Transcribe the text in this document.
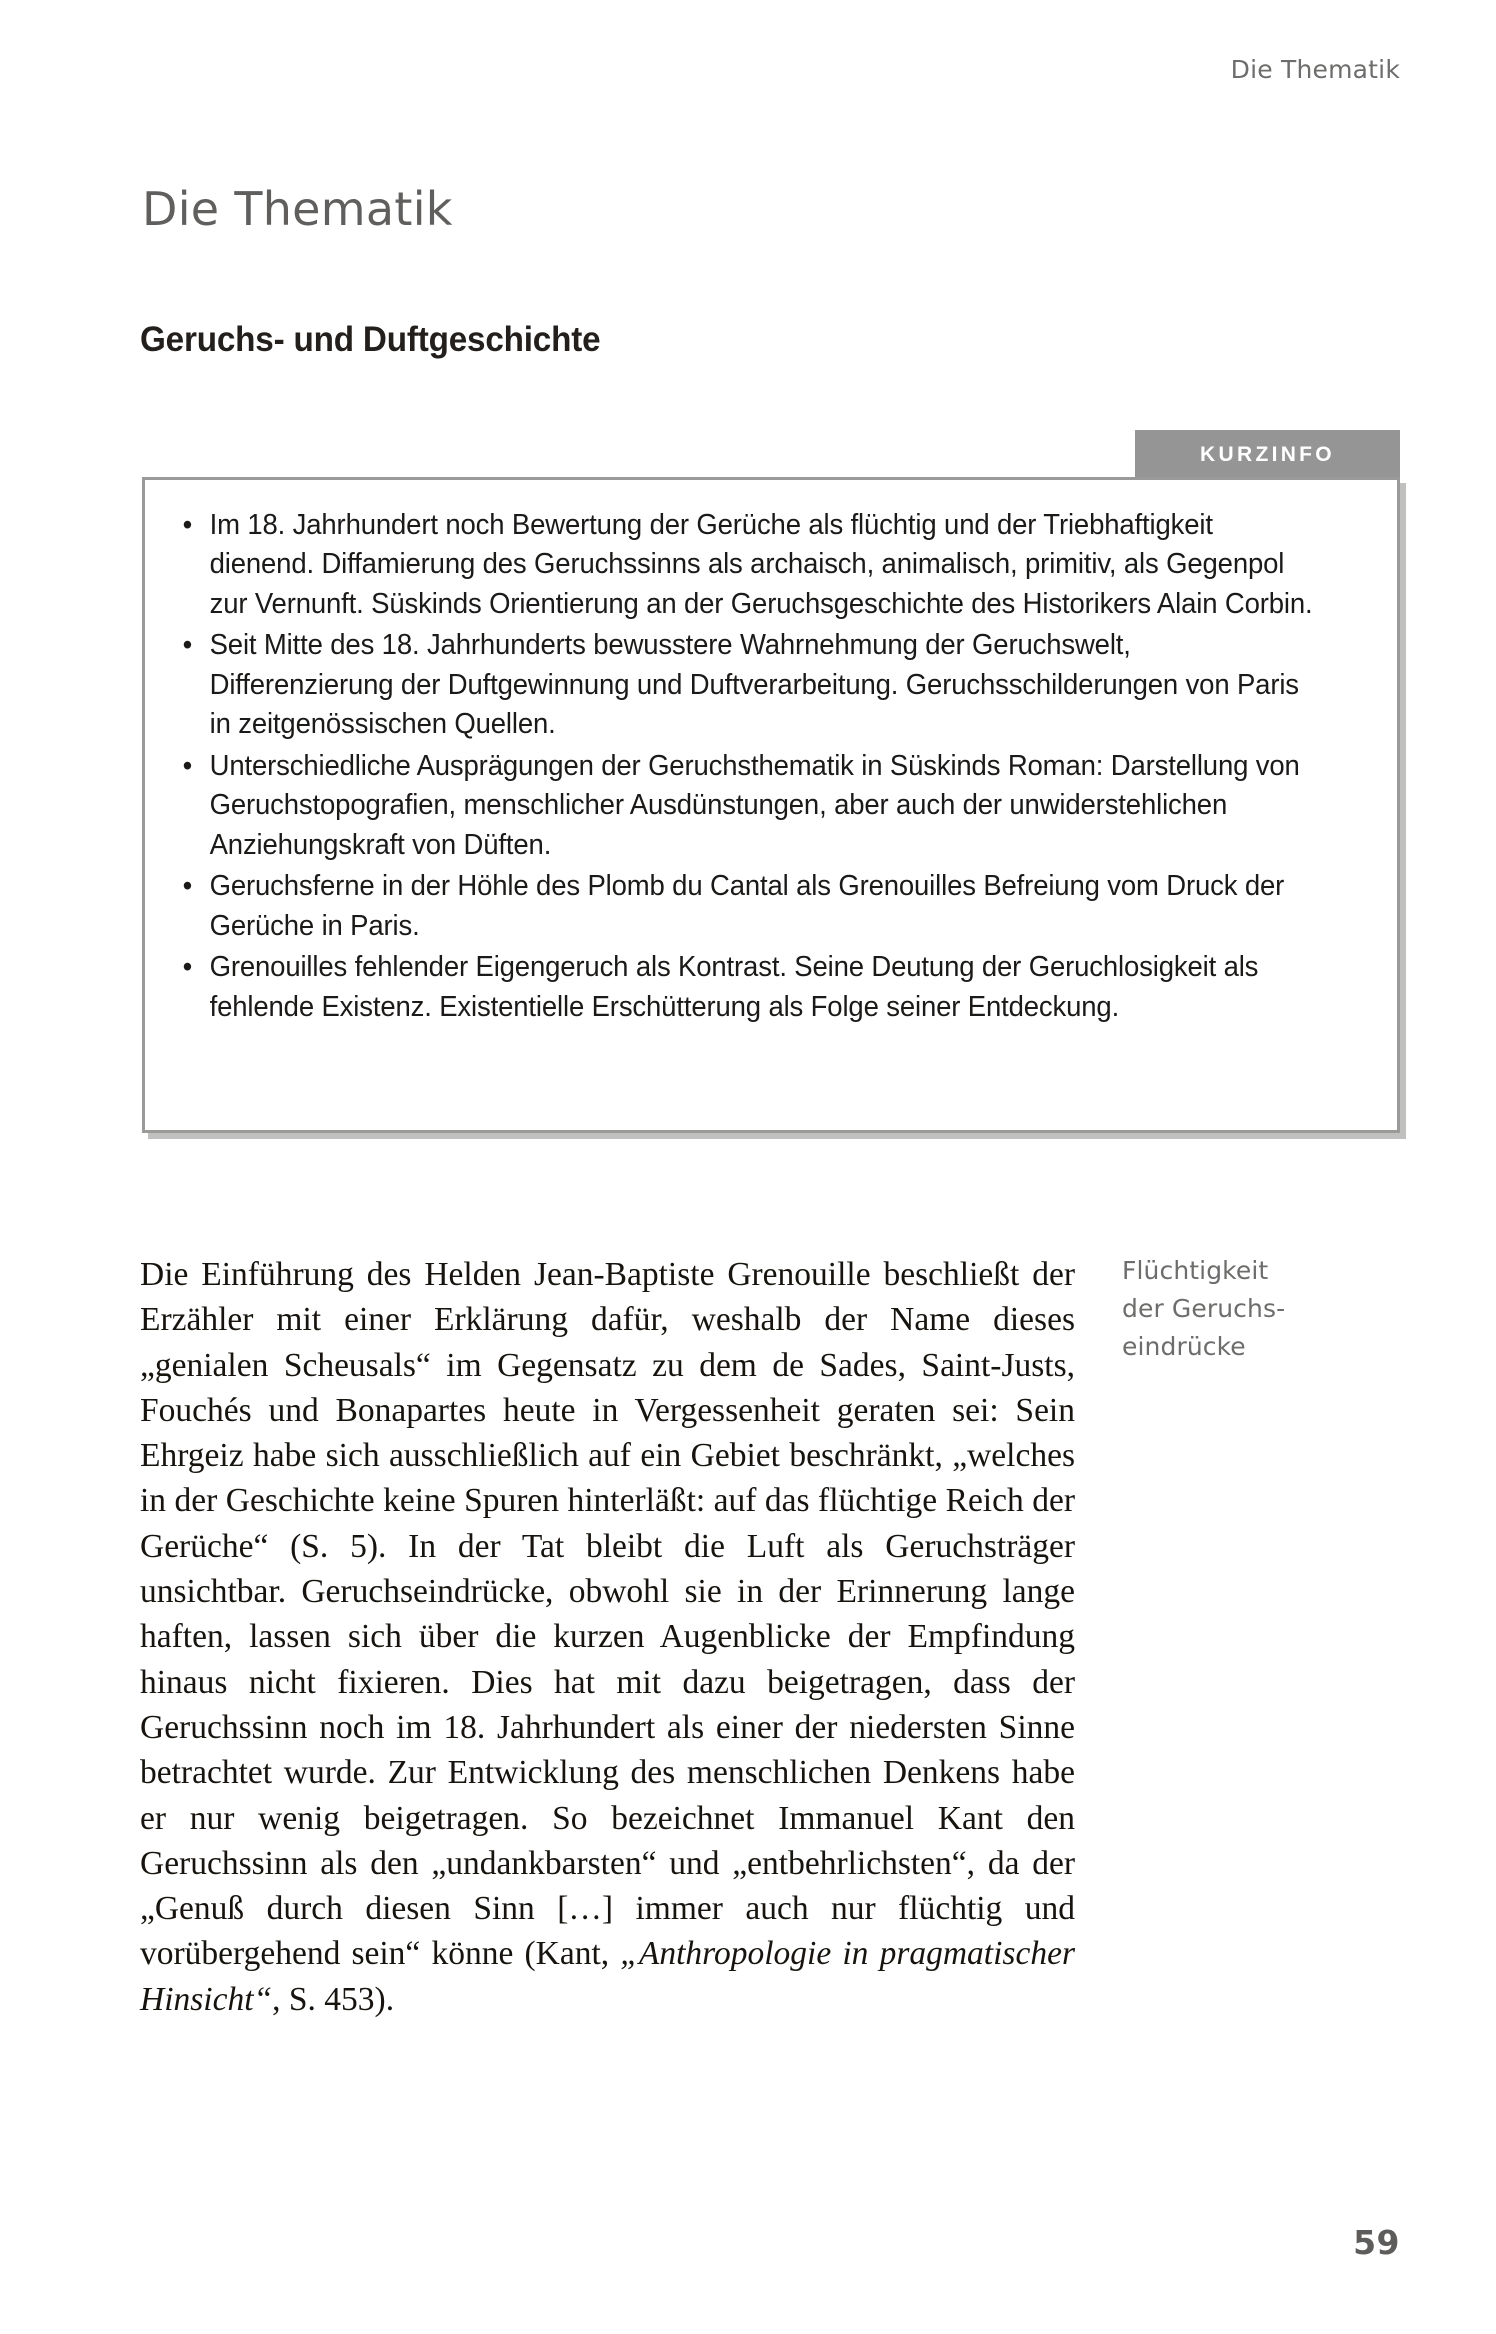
Die Thematik
Die Thematik
Geruchs- und Duftgeschichte
KURZINFO
• Im 18. Jahrhundert noch Bewertung der Gerüche als flüchtig und der Triebhaftigkeit dienend. Diffamierung des Geruchssinns als archaisch, animalisch, primitiv, als Gegenpol zur Vernunft. Süskinds Orientierung an der Geruchsgeschichte des Historikers Alain Corbin.
• Seit Mitte des 18. Jahrhunderts bewusstere Wahrnehmung der Geruchswelt, Differenzierung der Duftgewinnung und Duftverarbeitung. Geruchsschilderungen von Paris in zeitgenössischen Quellen.
• Unterschiedliche Ausprägungen der Geruchsthematik in Süskinds Roman: Darstellung von Geruchstopografien, menschlicher Ausdünstungen, aber auch der unwiderstehlichen Anziehungskraft von Düften.
• Geruchsferne in der Höhle des Plomb du Cantal als Grenouilles Befreiung vom Druck der Gerüche in Paris.
• Grenouilles fehlender Eigengeruch als Kontrast. Seine Deutung der Geruchlosigkeit als fehlende Existenz. Existentielle Erschütterung als Folge seiner Entdeckung.

Die Einführung des Helden Jean-Baptiste Grenouille beschließt der Erzähler mit einer Erklärung dafür, weshalb der Name dieses „genialen Scheusals“ im Gegensatz zu dem de Sades, Saint-Justs, Fouchés und Bonapartes heute in Vergessenheit geraten sei: Sein Ehrgeiz habe sich ausschließlich auf ein Gebiet beschränkt, „welches in der Geschichte keine Spuren hinterläßt: auf das flüchtige Reich der Gerüche“ (S. 5). In der Tat bleibt die Luft als Geruchsträger unsichtbar. Geruchseindrücke, obwohl sie in der Erinnerung lange haften, lassen sich über die kurzen Augenblicke der Empfindung hinaus nicht fixieren. Dies hat mit dazu beigetragen, dass der Geruchssinn noch im 18. Jahrhundert als einer der niedersten Sinne betrachtet wurde. Zur Entwicklung des menschlichen Denkens habe er nur wenig beigetragen. So bezeichnet Immanuel Kant den Geruchssinn als den „undankbarsten“ und „entbehrlichsten“, da der „Genuß durch diesen Sinn […] immer auch nur flüchtig und vorübergehend sein“ könne (Kant, „Anthropologie in pragmatischer Hinsicht“, S. 453).

Flüchtigkeit
der Geruchs-
eindrücke
59
